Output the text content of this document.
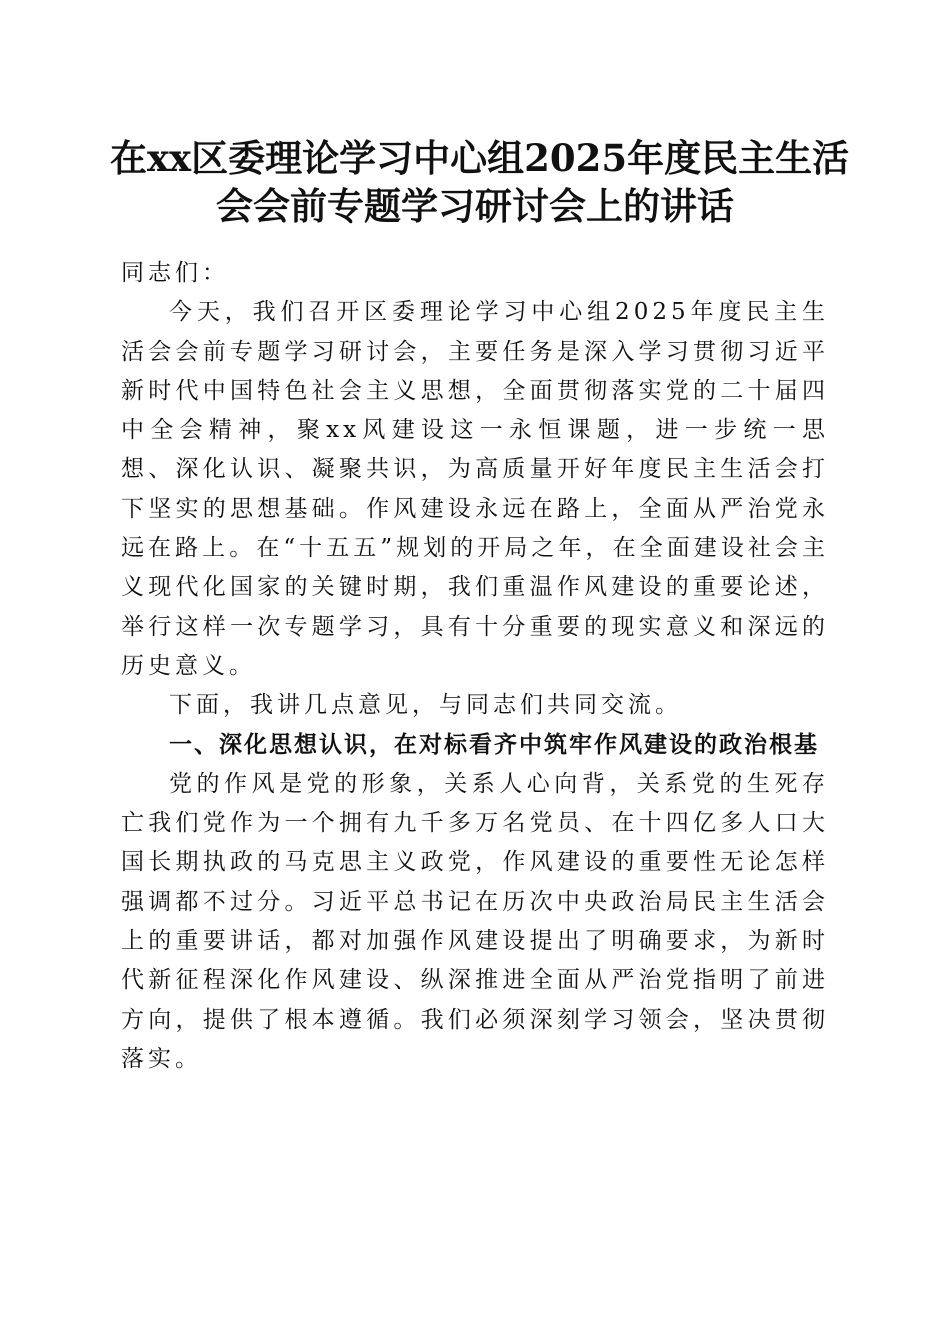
在xx区委理论学习中心组2025年度民主生活
会会前专题学习研讨会上的讲话

同志们：

今天，我们召开区委理论学习中心组2025年度民主生活会会前专题学习研讨会，主要任务是深入学习贯彻习近平新时代中国特色社会主义思想，全面贯彻落实党的二十届四中全会精神，聚xx风建设这一永恒课题，进一步统一思想、深化认识、凝聚共识，为高质量开好年度民主生活会打下坚实的思想基础。作风建设永远在路上，全面从严治党永远在路上。在“十五五”规划的开局之年，在全面建设社会主义现代化国家的关键时期，我们重温作风建设的重要论述，举行这样一次专题学习，具有十分重要的现实意义和深远的历史意义。

下面，我讲几点意见，与同志们共同交流。

一、深化思想认识，在对标看齐中筑牢作风建设的政治根基

党的作风是党的形象，关系人心向背，关系党的生死存亡我们党作为一个拥有九千多万名党员、在十四亿多人口大国长期执政的马克思主义政党，作风建设的重要性无论怎样强调都不过分。习近平总书记在历次中央政治局民主生活会上的重要讲话，都对加强作风建设提出了明确要求，为新时代新征程深化作风建设、纵深推进全面从严治党指明了前进方向，提供了根本遵循。我们必须深刻学习领会，坚决贯彻落实。
